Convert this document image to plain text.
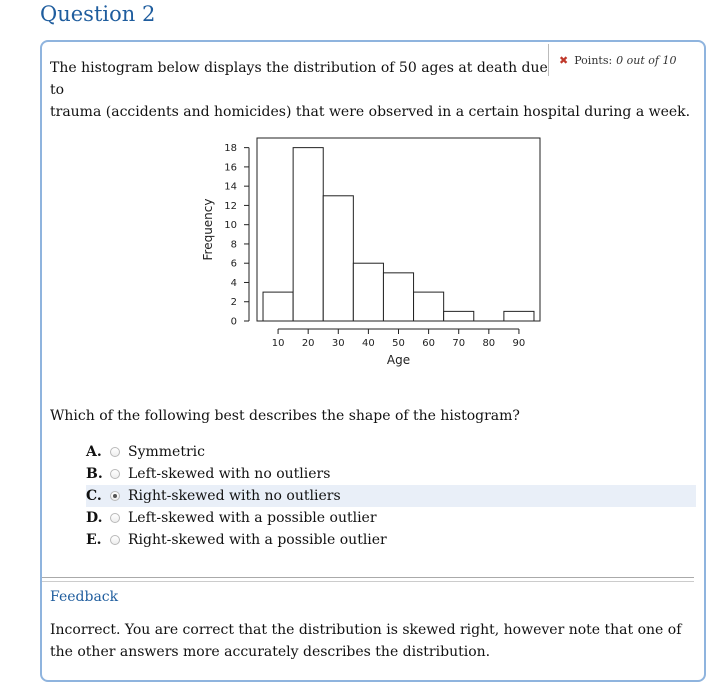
Question 2
✖ Points: 0 out of 10
The histogram below displays the distribution of 50 ages at death due to
trauma (accidents and homicides) that were observed in a certain hospital during a week.
0
2
4
6
8
10
12
14
16
18
10 20 30 40 50 60 70 80 90
Age
Frequency
Which of the following best describes the shape of the histogram?
A.	Symmetric
B.	Left-skewed with no outliers
C.	Right-skewed with no outliers
D.	Left-skewed with a possible outlier
E.	Right-skewed with a possible outlier
Feedback
Incorrect. You are correct that the distribution is skewed right, however note that one of the other answers more accurately describes the distribution.
